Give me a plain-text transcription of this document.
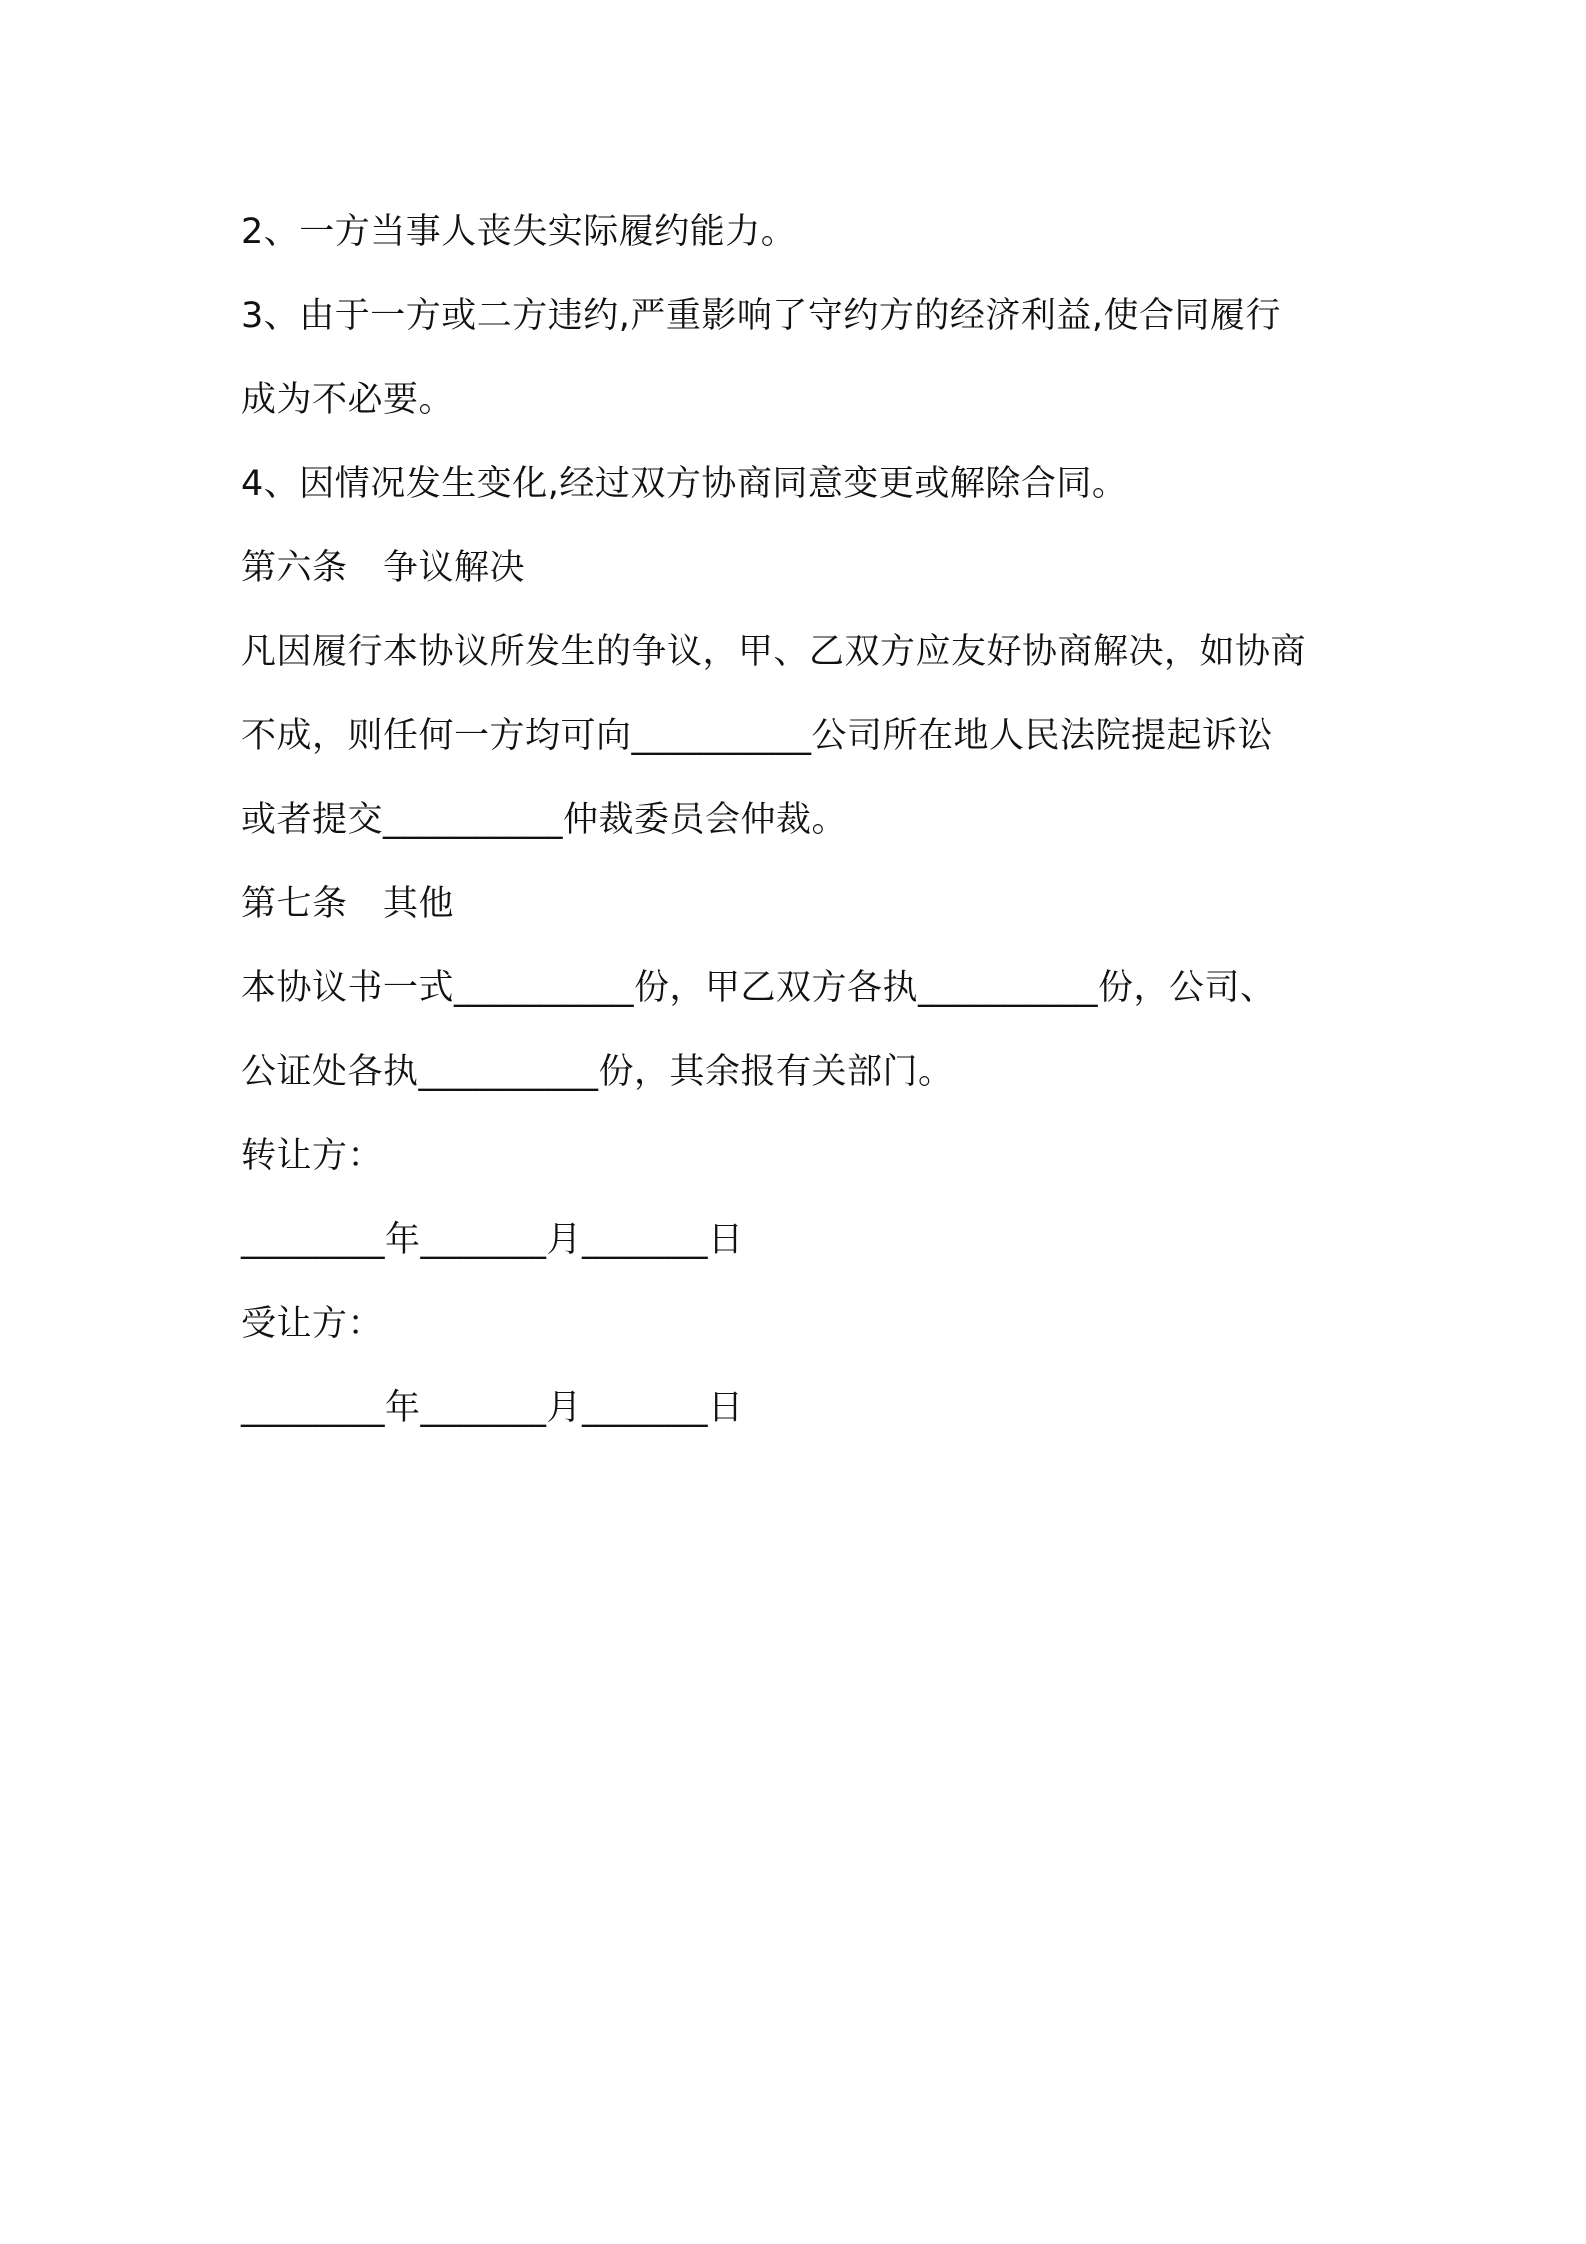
2、一方当事人丧失实际履约能力。
3、由于一方或二方违约,严重影响了守约方的经济利益,使合同履行
成为不必要。
4、因情况发生变化,经过双方协商同意变更或解除合同。
第六条　争议解决
凡因履行本协议所发生的争议，甲、乙双方应友好协商解决，如协商
不成，则任何一方均可向__________公司所在地人民法院提起诉讼
或者提交__________仲裁委员会仲裁。
第七条　其他
本协议书一式__________份，甲乙双方各执__________份，公司、
公证处各执__________份，其余报有关部门。
转让方：
________年_______月_______日
受让方：
________年_______月_______日
